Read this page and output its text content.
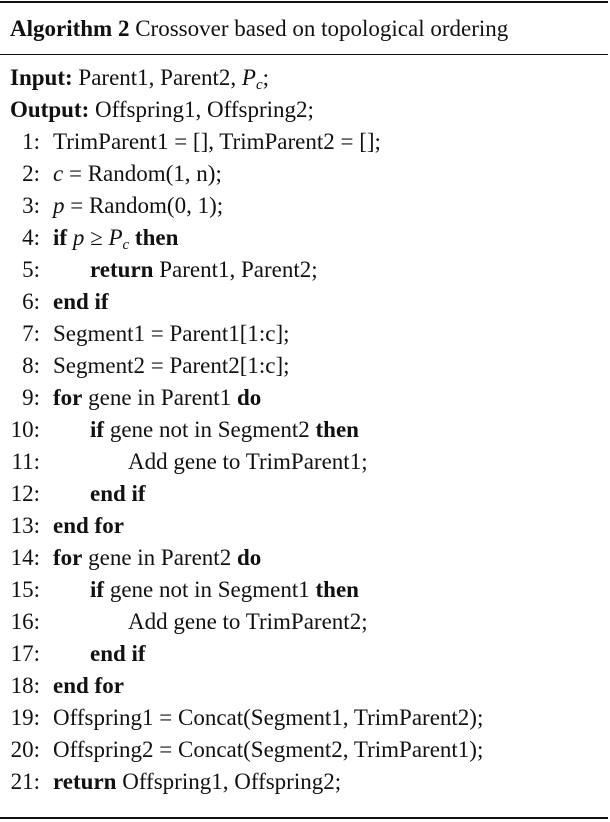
Algorithm 2 Crossover based on topological ordering
Input: Parent1, Parent2, $P_c$;
Output: Offspring1, Offspring2;
1: TrimParent1 = [], TrimParent2 = [];
2: c = Random(1, n);
3: p = Random(0, 1);
4: if $p \ge P_c$ then
5: return Parent1, Parent2;
6: end if
7: Segment1 = Parent1[1:c];
8: Segment2 = Parent2[1:c];
9: for gene in Parent1 do
10: if gene not in Segment2 then
11:	Add gene to TrimParent1;
12: end if
13: end for
14: for gene in Parent2 do
15: if gene not in Segment1 then
16:	Add gene to TrimParent2;
17: end if
18: end for
19: Offspring1 = Concat(Segment1, TrimParent2);
20: Offspring2 = Concat(Segment2, TrimParent1);
21: return Offspring1, Offspring2;
